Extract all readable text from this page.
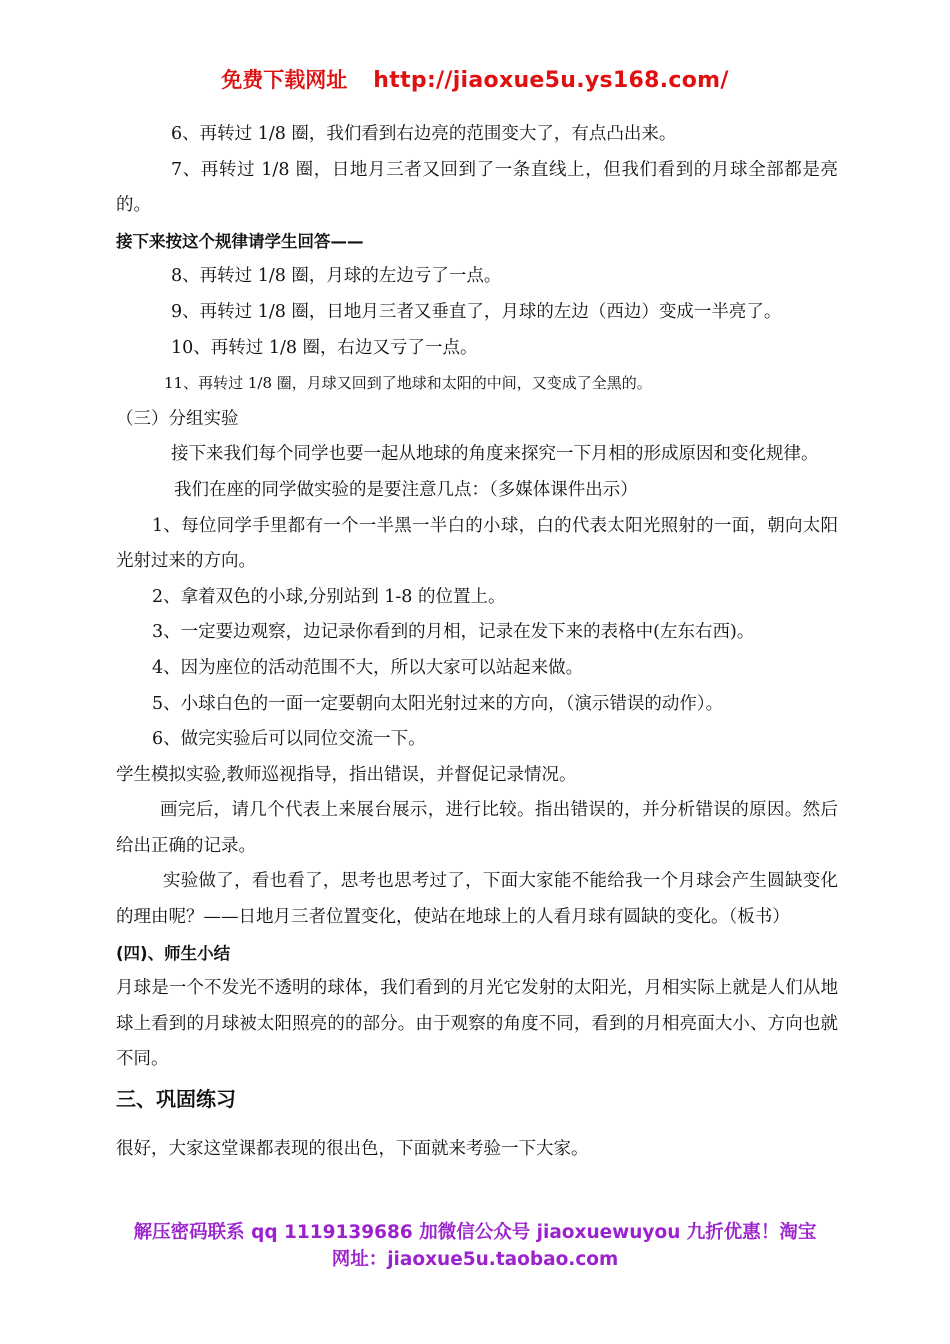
免费下载网址 http://jiaoxue5u.ys168.com/

6、再转过 1/8 圈，我们看到右边亮的范围变大了，有点凸出来。

7、再转过 1/8 圈，日地月三者又回到了一条直线上，但我们看到的月球全部都是亮的。

接下来按这个规律请学生回答——

8、再转过 1/8 圈，月球的左边亏了一点。

9、再转过 1/8 圈，日地月三者又垂直了，月球的左边（西边）变成一半亮了。

10、再转过 1/8 圈，右边又亏了一点。

11、再转过 1/8 圈，月球又回到了地球和太阳的中间，又变成了全黑的。

（三）分组实验

接下来我们每个同学也要一起从地球的角度来探究一下月相的形成原因和变化规律。

我们在座的同学做实验的是要注意几点：（多媒体课件出示）

1、每位同学手里都有一个一半黑一半白的小球，白的代表太阳光照射的一面，朝向太阳光射过来的方向。

2、拿着双色的小球,分别站到 1-8 的位置上。

3、一定要边观察，边记录你看到的月相，记录在发下来的表格中(左东右西)。

4、因为座位的活动范围不大，所以大家可以站起来做。

5、小球白色的一面一定要朝向太阳光射过来的方向，（演示错误的动作）。

6、做完实验后可以同位交流一下。

学生模拟实验,教师巡视指导，指出错误，并督促记录情况。

画完后，请几个代表上来展台展示，进行比较。指出错误的，并分析错误的原因。然后给出正确的记录。

实验做了，看也看了，思考也思考过了，下面大家能不能给我一个月球会产生圆缺变化的理由呢？——日地月三者位置变化，使站在地球上的人看月球有圆缺的变化。（板书）

(四)、师生小结

月球是一个不发光不透明的球体，我们看到的月光它发射的太阳光，月相实际上就是人们从地球上看到的月球被太阳照亮的的部分。由于观察的角度不同，看到的月相亮面大小、方向也就不同。

三、巩固练习

很好，大家这堂课都表现的很出色，下面就来考验一下大家。

解压密码联系 qq 1119139686 加微信公众号 jiaoxuewuyou 九折优惠！淘宝
网址：jiaoxue5u.taobao.com
